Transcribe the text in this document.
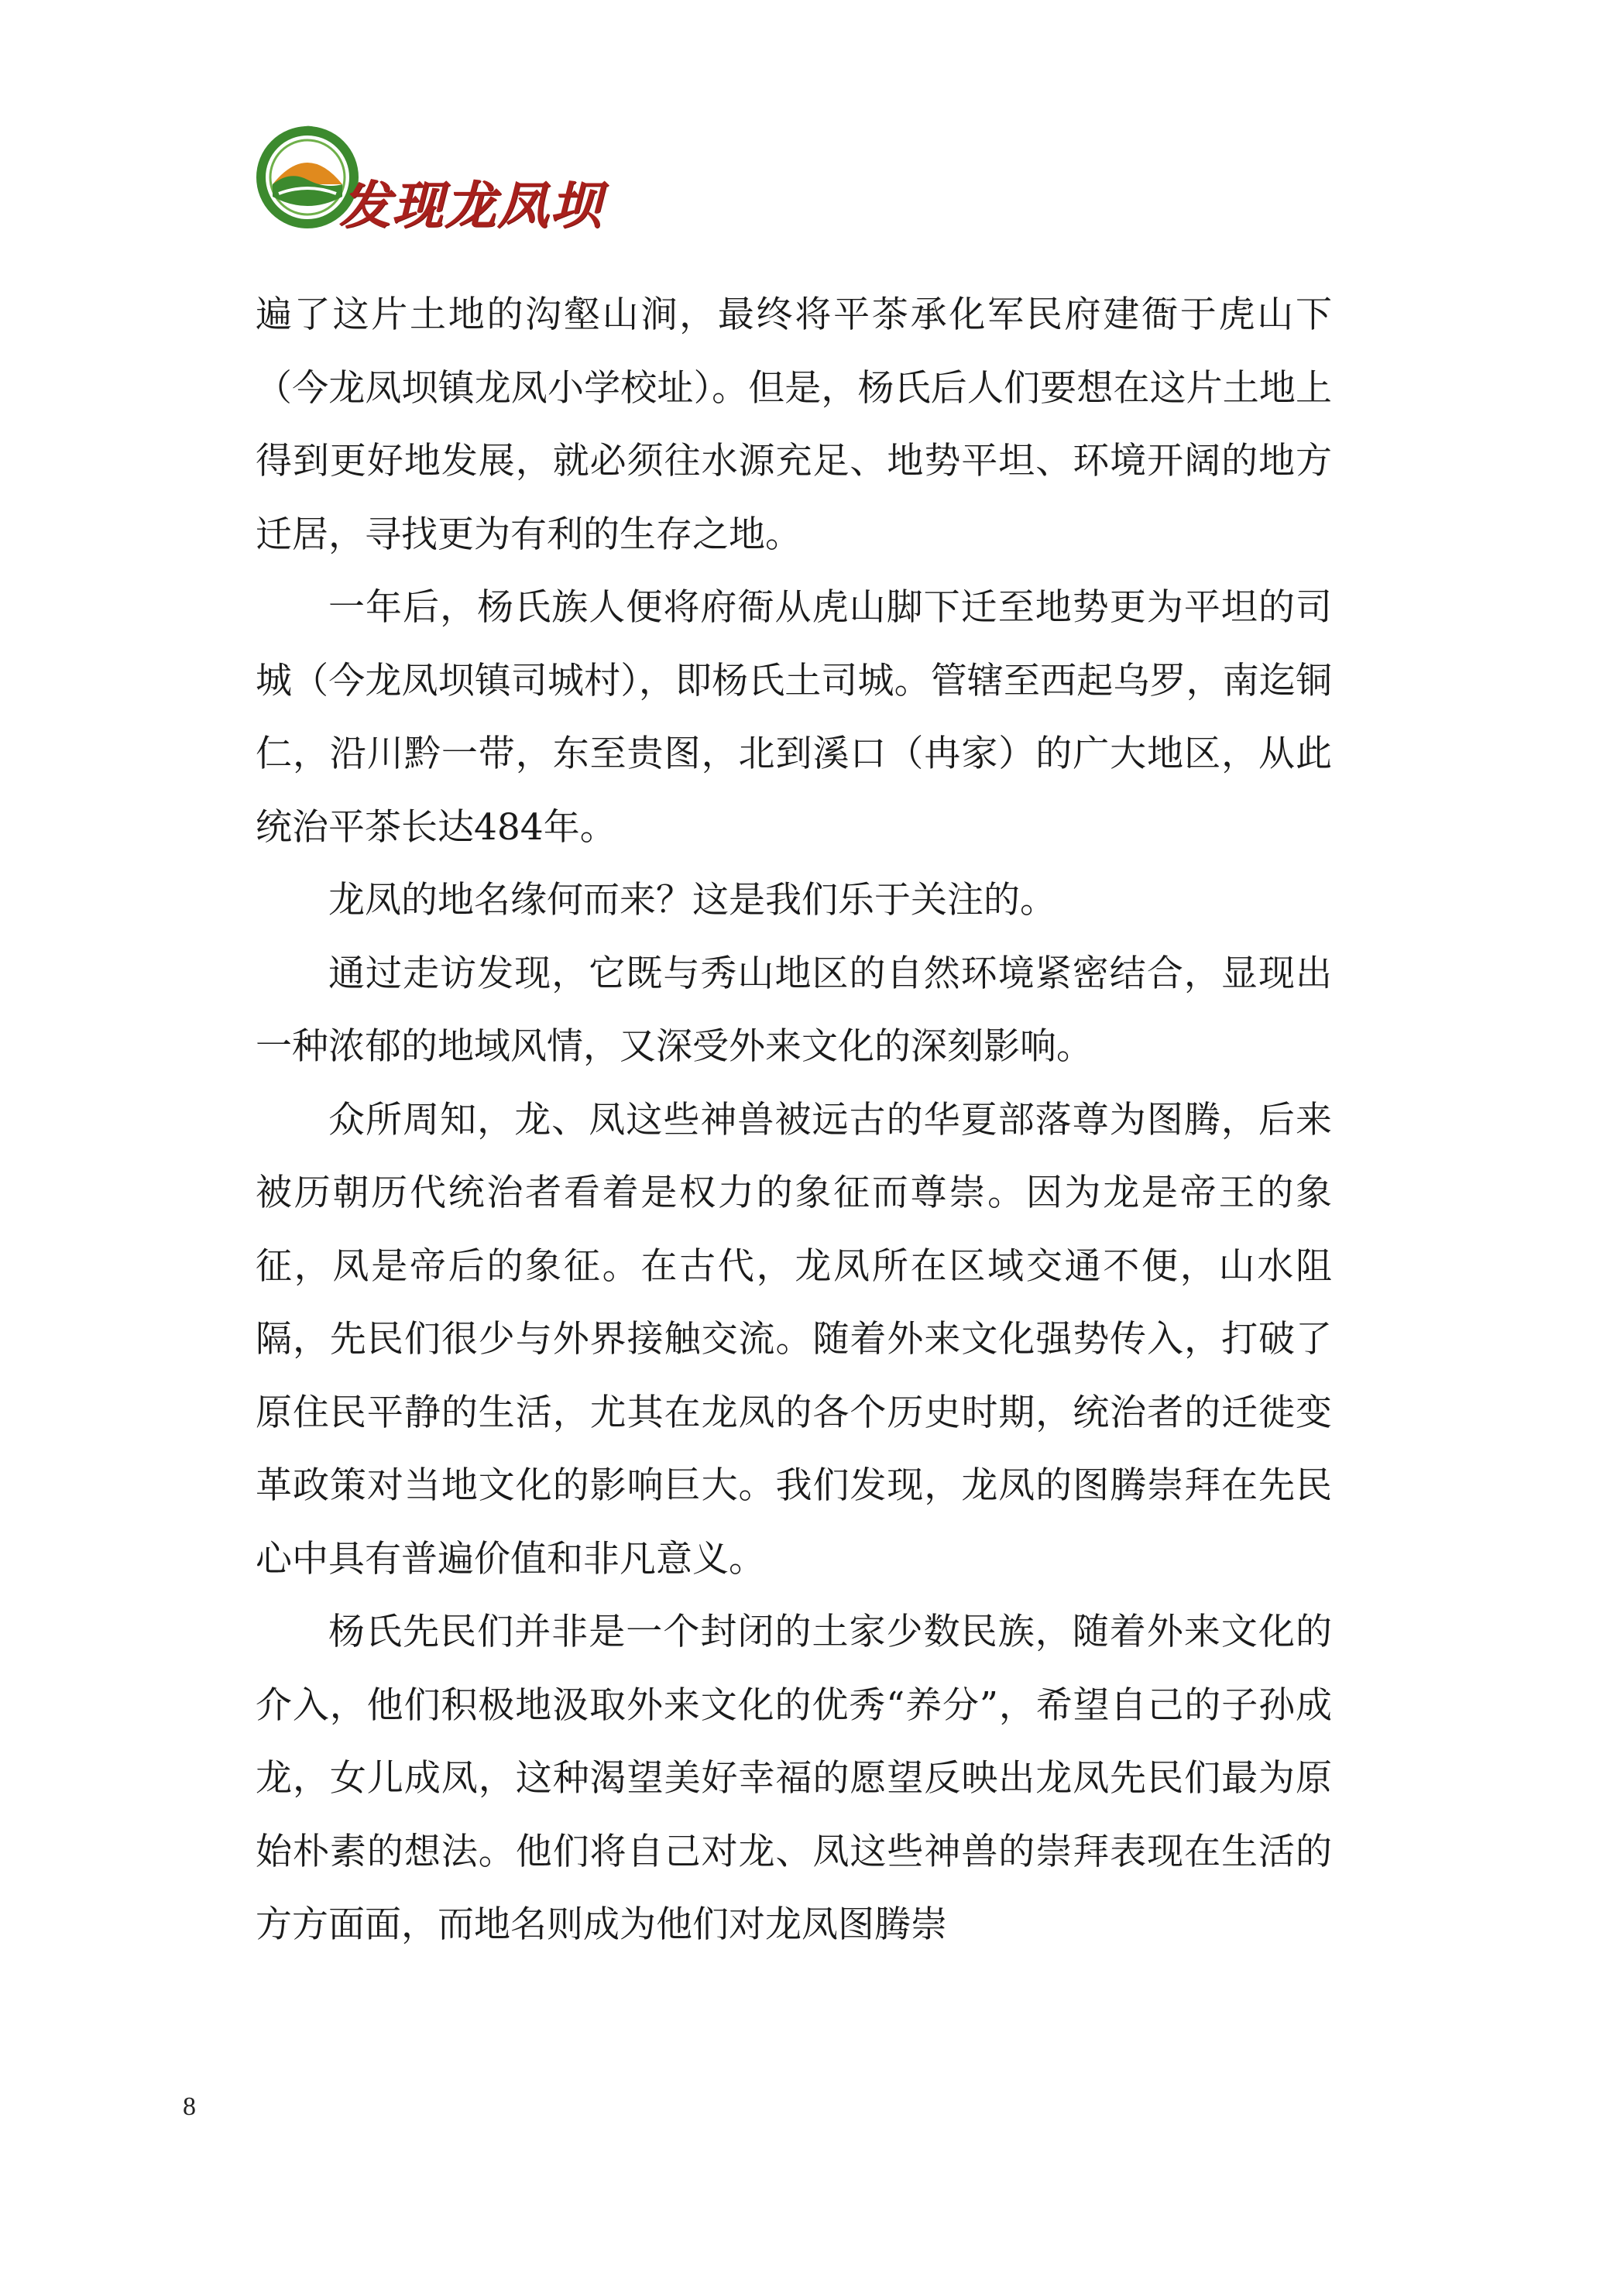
发现龙凤坝

遍了这片土地的沟壑山涧，最终将平茶承化军民府建衙于虎山下（今龙凤坝镇龙凤小学校址）。但是，杨氏后人们要想在这片土地上得到更好地发展，就必须往水源充足、地势平坦、环境开阔的地方迁居，寻找更为有利的生存之地。

一年后，杨氏族人便将府衙从虎山脚下迁至地势更为平坦的司城（今龙凤坝镇司城村），即杨氏土司城。管辖至西起乌罗，南迄铜仁，沿川黔一带，东至贵图，北到溪口（冉家）的广大地区，从此统治平茶长达484年。

龙凤的地名缘何而来？这是我们乐于关注的。

通过走访发现，它既与秀山地区的自然环境紧密结合，显现出一种浓郁的地域风情，又深受外来文化的深刻影响。

众所周知，龙、凤这些神兽被远古的华夏部落尊为图腾，后来被历朝历代统治者看着是权力的象征而尊崇。因为龙是帝王的象征，凤是帝后的象征。在古代，龙凤所在区域交通不便，山水阻隔，先民们很少与外界接触交流。随着外来文化强势传入，打破了原住民平静的生活，尤其在龙凤的各个历史时期，统治者的迁徙变革政策对当地文化的影响巨大。我们发现，龙凤的图腾崇拜在先民心中具有普遍价值和非凡意义。

杨氏先民们并非是一个封闭的土家少数民族，随着外来文化的介入，他们积极地汲取外来文化的优秀“养分”，希望自己的子孙成龙，女儿成凤，这种渴望美好幸福的愿望反映出龙凤先民们最为原始朴素的想法。他们将自己对龙、凤这些神兽的崇拜表现在生活的方方面面，而地名则成为他们对龙凤图腾崇

8
